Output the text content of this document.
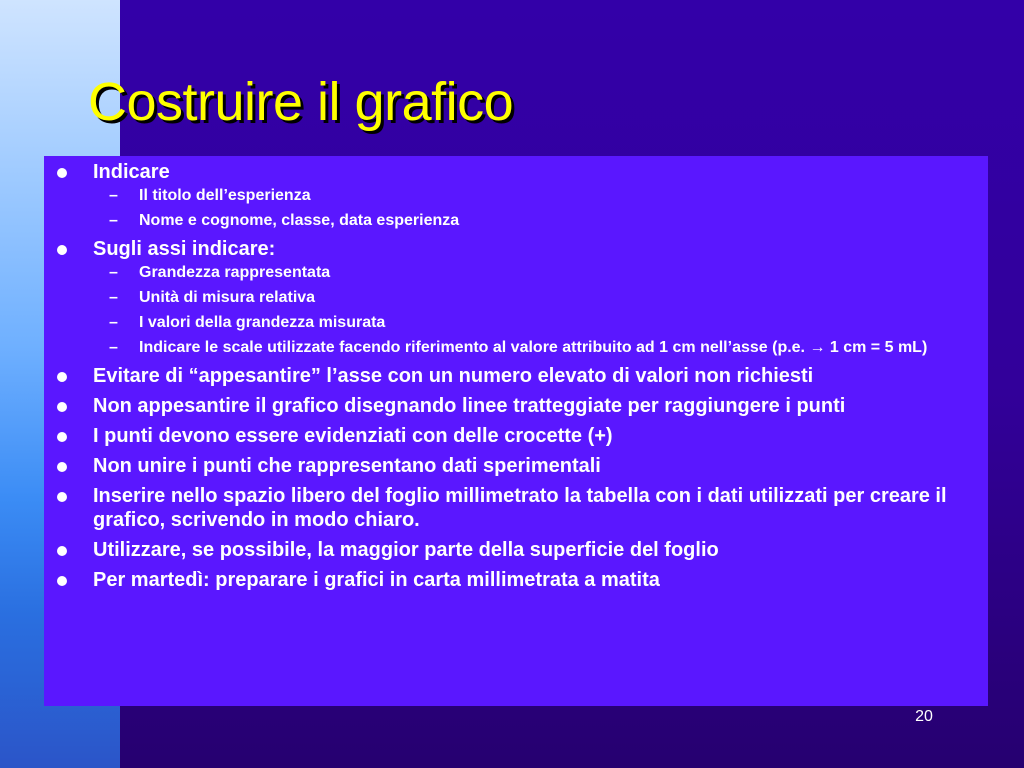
Costruire il grafico
Indicare
– Il titolo dell’esperienza
– Nome e cognome, classe, data esperienza
Sugli assi indicare:
– Grandezza rappresentata
– Unità di misura relativa
– I valori della grandezza misurata
– Indicare le scale utilizzate facendo riferimento al valore attribuito ad 1 cm nell’asse (p.e. → 1 cm = 5 mL)
Evitare di “appesantire” l’asse con un numero elevato di valori non richiesti
Non appesantire il grafico disegnando linee tratteggiate per raggiungere i punti
I punti devono essere evidenziati con delle crocette (+)
Non unire i punti che rappresentano dati sperimentali
Inserire nello spazio libero del foglio millimetrato la tabella con i dati utilizzati per creare il grafico, scrivendo in modo chiaro.
Utilizzare, se possibile, la maggior parte della superficie del foglio
Per martedì: preparare i grafici in carta millimetrata a matita
20
